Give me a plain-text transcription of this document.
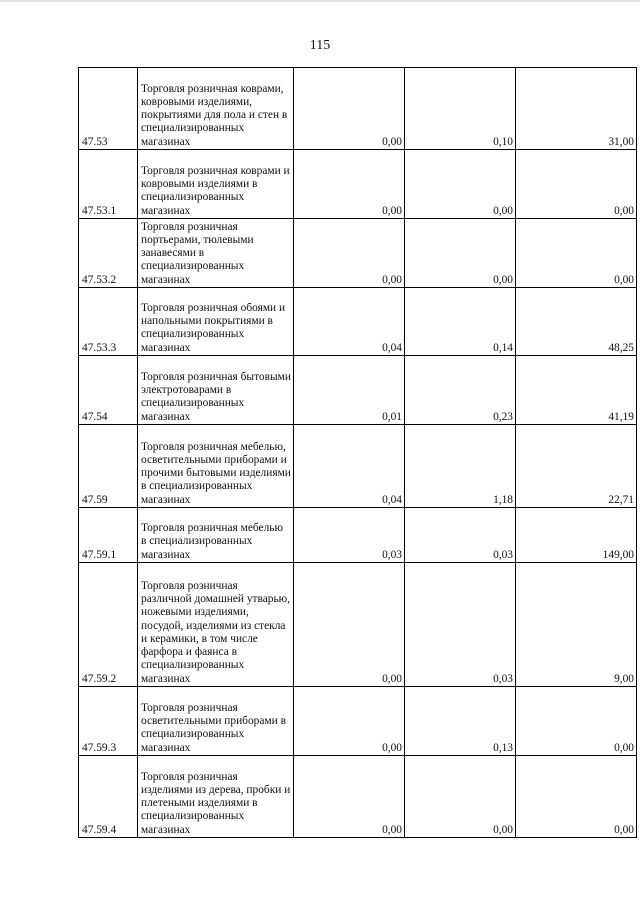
115
47.53	Торговля розничная коврами, ковровыми изделиями, покрытиями для пола и стен в специализированных магазинах	0,00	0,10	31,00
47.53.1	Торговля розничная коврами и ковровыми изделиями в специализированных магазинах	0,00	0,00	0,00
47.53.2	Торговля розничная портьерами, тюлевыми занавесями в специализированных магазинах	0,00	0,00	0,00
47.53.3	Торговля розничная обоями и напольными покрытиями в специализированных магазинах	0,04	0,14	48,25
47.54	Торговля розничная бытовыми электротоварами в специализированных магазинах	0,01	0,23	41,19
47.59	Торговля розничная мебелью, осветительными приборами и прочими бытовыми изделиями в специализированных магазинах	0,04	1,18	22,71
47.59.1	Торговля розничная мебелью в специализированных магазинах	0,03	0,03	149,00
47.59.2	Торговля розничная различной домашней утварью, ножевыми изделиями, посудой, изделиями из стекла и керамики, в том числе фарфора и фаянса в специализированных магазинах	0,00	0,03	9,00
47.59.3	Торговля розничная осветительными приборами в специализированных магазинах	0,00	0,13	0,00
47.59.4	Торговля розничная изделиями из дерева, пробки и плетеными изделиями в специализированных магазинах	0,00	0,00	0,00
